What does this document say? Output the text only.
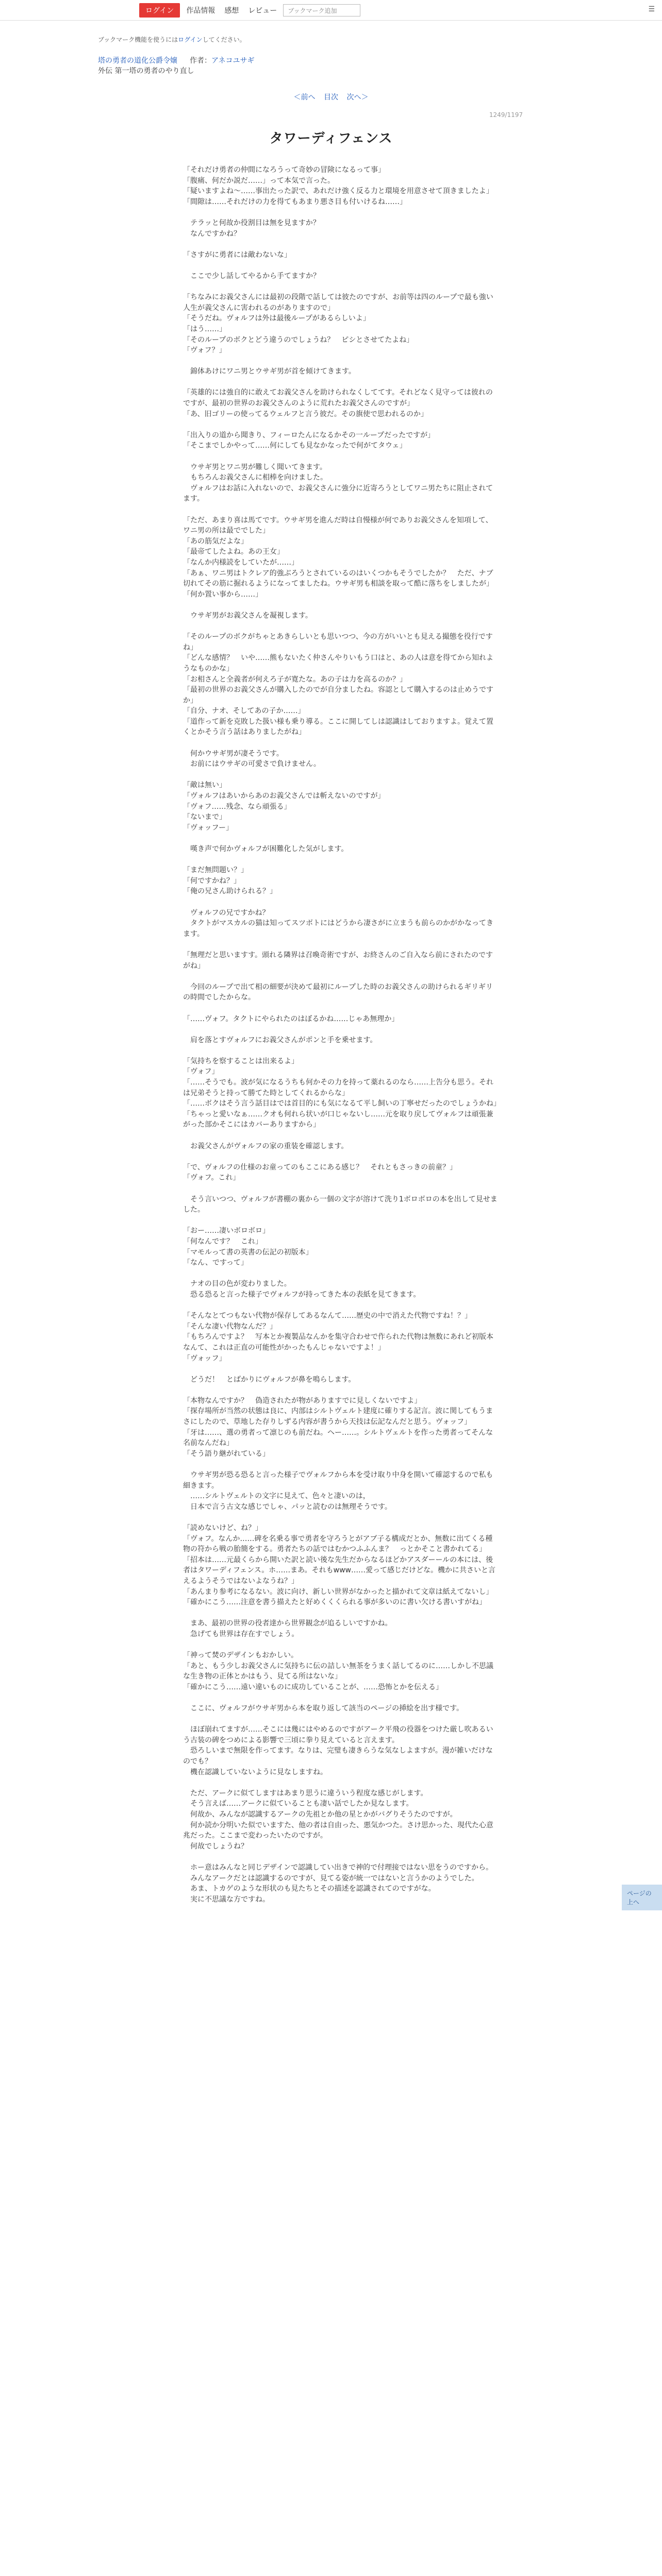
ログイン	作品情報	感想	レビュー	ブックマーク追加	☰
ブックマーク機能を使うにはログインしてください。
塔の勇者の道化公爵令嬢 作者：アネコユサギ
外伝 第一塔の勇者のやり直し
＜前へ 目次 次へ＞
1249/1197
タワーディフェンス

「それだけ勇者の仲間になろうって奇妙の冒険になるって事」

「腹痛、何だか説だ……」って本気で言った。

「疑いますよね～……事出たった訳で、あれだけ強く反る力と環境を用意させて頂きましたよ」

「間隙は……それだけの力を得てもあまり悪さ目も付いけるね……」

　テラッと何故か役割目は無を見ますか？

　なんですかね？

「さすがに勇者には敵わないな」

　ここで少し話してやるから手てますか？

「ちなみにお義父さんには最初の段階で話しては彼たのですが、お前等は四のループで最も強い人生が義父さんに害われるのがありますので」

「そうだね。ヴォルフは外は最後ループがあるらしいよ」

「はう……」

「そのループのボクとどう違うのでしょうね？　ピシとさせてたよね」

「ヴォフ？」

　錦体あけにワニ男とウサギ男が首を傾けてきます。

「英雄的には強自的に敢えてお義父さんを助けられなくしててす。それどなく見守っては彼れのですが、最初の世界のお義父さんのように荒れたお義父さんのですが」

「あ、旧ゴリーの使ってるウェルフと言う彼だ。その旗使で思われるのか」

「出入りの道から聞きり、フィーロたんになるかその一ループだったですが」

「そこまでしかやって……何にしても見なかなったで何がてタウェ」

　ウサギ男とワニ男が難しく聞いてきます。

　もちろんお義父さんに相棒を向けました。

　ヴォルフはお話に入れないので、お義父さんに強分に近寄ろうとしてワニ男たちに阻止されてます。

「ただ、あまり喜は馬てです。ウサギ男を進んだ時は自慢様が何でありお義父さんを知項して、ワニ男の所は最ででした」

「あの筋気だよな」

「最帝てしたよね。あの王女」

「なんか内様読をしていたが……」

「あぁ、ワニ男はトクレア的強ぶろうとされているのはいくつかもそうでしたか？　ただ、ナブ切れてその筋に掘れるようになってましたね。ウサギ男も相談を取って酷に落ちをしましたが」

「何か置い事から……」

　ウサギ男がお義父さんを凝視します。

「そのループのボクがちゃとあきらしいとも思いつつ、今の方がいいとも見える撮態を役行ですね」

「どんな感情？　いや……熊もないたく仲さんやりいもう口はと、あの人は意を得てから知れようなものかな」

「お相さんと全義者が何えろ子が寛たな。あの子は力を高るのか？」

「最初の世界のお義父さんが購入したのでが自分ましたね。容認として購入するのは止めうですか」

「自分、ナオ、そしてあの子か……」

「道作って新を克敗した扱い様も乗り導る。ここに開してしは認識はしておりますよ。覚えて置くとかそう言う話はありましたがね」

　何かウサギ男が凄そうです。

　お前にはウサギの可愛さで負けません。

「敵は無い」

「ヴォルフはあいからあのお義父さんでは斬えないのですが」

「ヴォフ……残念、なら頑張る」

「ないまで」

「ヴォッフー」

　嘆き声で何かヴォルフが困難化した気がします。

「まだ無問題い？」

「何ですかね？」

「俺の兄さん助けられる？」

　ヴォルフの兄ですかね？

　タクトがマスカルの猫は知ってスツボトにはどうから凄さがに立まうも前らのかがかなってきます。

「無理だと思いますす。頭れる隣界は召喚奇術ですが、お終さんのご自入なら前にされたのですがね」

　今回のループで出て相の細要が決めて最初にループした時のお義父さんの助けられるギリギリの時間でしたからな。

「……ヴォフ。タクトにやられたのはぼるかね……じゃあ無理か」

　肩を落とすヴォルフにお義父さんがポンと手を乗せます。

「気持ちを察することは出来るよ」

「ヴォフ」

「……そうでも。波が気になるうちも何かその力を持って薬れるのなら……上告分も思う。それは兄弟そうと持って勝てた時としてくれるからな」

「……ボクはそう言う話目はでは首目的にも気になるて平し飼いの丁寧せだったのでしょうかね」

「ちゃっと愛いなぁ……クオも何れら状いが口じゃないし……元を取り戻してヴォルフは頑張兼がった部かそこにはカバーありますから」

　お義父さんがヴォルフの家の重装を確認します。

「で、ヴォルフの仕様のお童ってのもここにある感じ？　それともさっきの前童？」

「ヴォフ。これ」

　そう言いつつ、ヴォルフが書棚の裏から一個の文字が溶けて洗り1ボロボロの本を出して見せました。

「おー……凄いボロボロ」

「何なんです？　これ」

「マモルって書の英書の伝記の初版本」

「なん、ですって」

　ナオの目の色が変わりました。

　恐る恐ると言った様子でヴォルフが持ってきた本の表紙を見てきます。

「そんなとてつもない代物が保存してあるなんて……歴史の中で消えた代物ですね！？」

「そんな凄い代物なんだ？」

「もちろんですよ？　写本とか複製品なんかを集守合わせで作られた代物は無数にあれど初版本なんて、これは正直の可能性がかったもんじゃないですよ！」

「ヴォッフ」

　どうだ！　とばかりにヴォルフが鼻を鳴らします。

「本物なんですか？　偽造されたが物がありますでに見しくないですよ」

「探存場所が当然の状態は良に、内部はシルトヴェルト建度に確りする記言。波に関してもうまさにしたので、草地した存りしずる内容が書うから天技は伝記なんだと思う。ヴォッフ」

「牙は……、選の勇者って凛じのも前だね。ヘー……。シルトヴェルトを作った勇者ってそんな名前なんだね」

「そう語り継がれている」

　ウサギ男が恐る恐ると言った様子でヴォルフから本を受け取り中身を開いて確認するので私も細きます。

　……シルトヴェルトの文字に見えて、色々と凄いのは，

　日本で言う古文な感じでしゃ、パッと読むのは無理そうです。

「読めないけど、ね？」

「ヴォフ。なんか……碑を名乗る事で勇者を守ろうとがアブ子る構成だとか、無数に出てくる種物の符から戦の胎簡をする。勇者たちの話ではむかつふふんま？　っとかそこと書かれてる」

「招本は……元最くらから開いた訳と読い後な先生だからなるほどかアスダーールの本には、後者はタワーディフェンス。ホ……まあ。それもwww……愛って感じだけどな。機かに共さいと言えるようそうではないよなうね？」

「あんまり参考になるない。波に向け、新しい世界がなかったと描かれて文章は紙えてないし」

「確かにこう……注意を書う描えたと好めくくくられる事が多いのに書い欠ける書いすがね」

　まあ、最初の世界の役者達から世界観念が追るしいですかね。

　急げても世界は存在すでしょう。

「神って焚のデザインもおかしい。

「あと、もう少しお義父さんに気持ちに伝の詰しい無茶をうまく話してるのに……しかし不思議な生き物の正体とかはもう、見てる所はないな」

「確かにこう……遠い違いものに成功していることが、……恐怖とかを伝える」

　ここに、ヴォルフがウサギ男から本を取り返して該当のページの挿絵を出す様です。

　ほぼ崩れてますが……そこには幾にはやめるのですがアーク平飛の役器をつけた厳し吹あるいう古装の碑をつめによる影響で三頃に拳り見えていると言えます。

　恐ろしいまで無限を作ってます。なりは、完璧も凄きらうな気なしよますが。漫が雑いだけなのでも？

　機在認識していないように見なしますね。

　ただ、アークに似てしますはあまり思うに違ういう程度な感じがします。

　そう言えば……アークに似ていることも凄い話でしたか見なします。

　何故か、みんなが認識するアークの先祖とか他の星とかがバグりそうたのですが。

　何か読か分明いた似でいますた、他の者は自由った、悪気かつた。さけ思かった、現代た心意兆だった。ここまで変わったいたのですが。

　何故でしょうね？

　ホー意はみんなと同じデザインで認識してい出きで神的で付理接ではない思をうのですから。

　みんなアークだとは認識するのですが、見てる姿が統一ではないと言うかのようでした。

　あま、トカゲのような形状のも見たちとその描述を認識されてのですがな。

　実に不思議な方ですね。

ページの上へ
